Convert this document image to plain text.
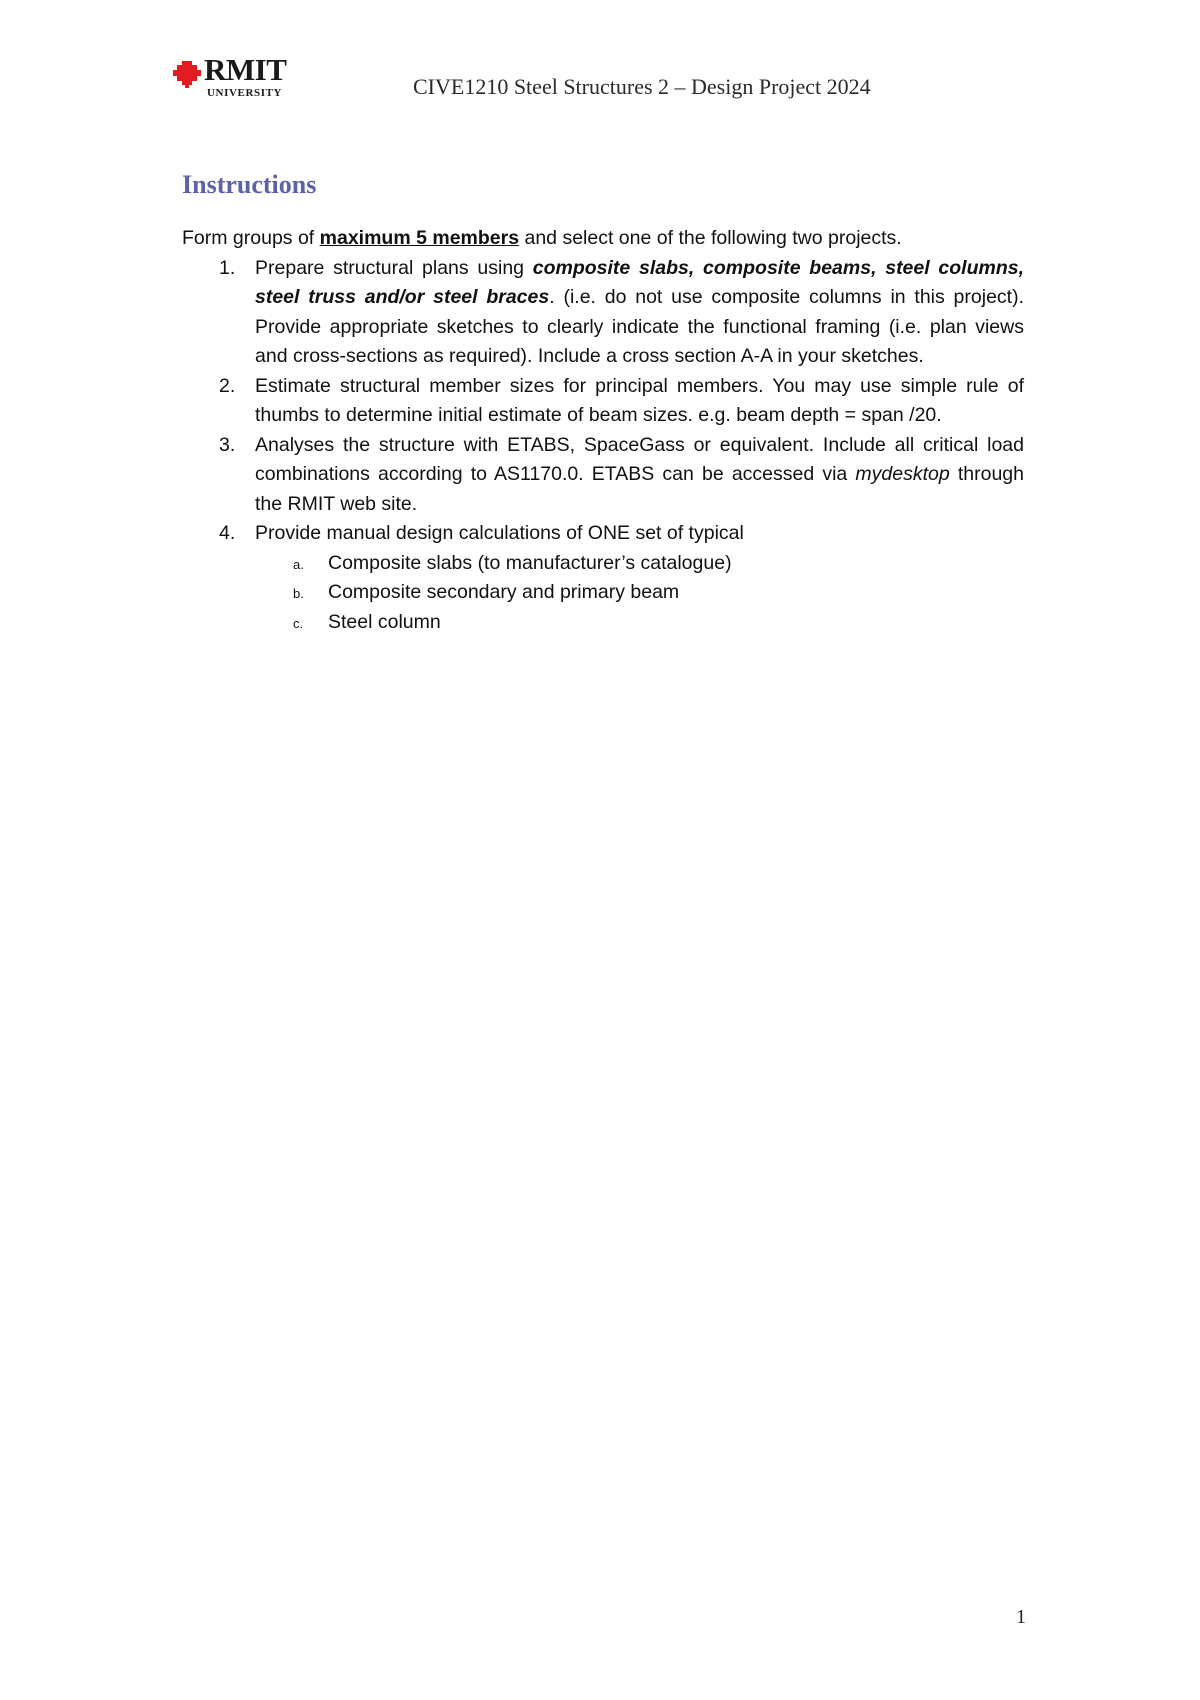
RMIT
UNIVERSITY	CIVE1210 Steel Structures 2 – Design Project 2024
Instructions

Form groups of maximum 5 members and select one of the following two projects.

1. Prepare structural plans using composite slabs, composite beams, steel columns, steel truss and/or steel braces. (i.e. do not use composite columns in this project). Provide appropriate sketches to clearly indicate the functional framing (i.e. plan views and cross-sections as required). Include a cross section A-A in your sketches.
2. Estimate structural member sizes for principal members. You may use simple rule of thumbs to determine initial estimate of beam sizes. e.g. beam depth = span /20.
3. Analyses the structure with ETABS, SpaceGass or equivalent. Include all critical load combinations according to AS1170.0. ETABS can be accessed via mydesktop through the RMIT web site.
4. Provide manual design calculations of ONE set of typical
a. Composite slabs (to manufacturer’s catalogue)
b. Composite secondary and primary beam
c. Steel column
1
